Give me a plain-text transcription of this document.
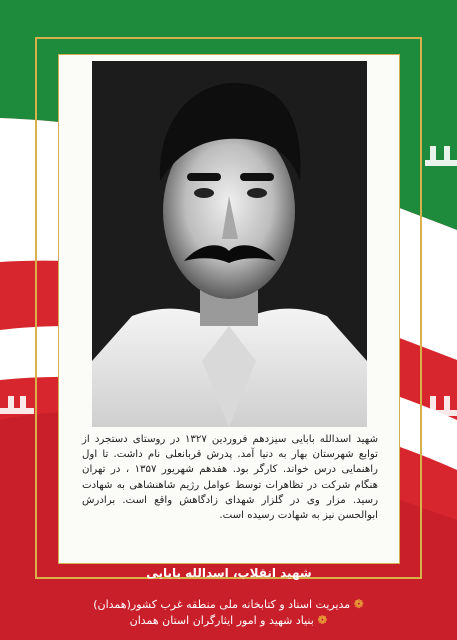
شهید اسدالله بابایی سیزدهم فروردین ۱۳۲۷ در روستای دستجرد از توابع شهرستان بهار به دنیا آمد. پدرش قربانعلی نام داشت. تا اول راهنمایی درس خواند. کارگر بود. هفدهم شهریور ۱۳۵۷ ، در تهران هنگام شرکت در تظاهرات توسط عوامل رژیم شاهنشاهی به شهادت رسید. مزار وی در گلزار شهدای زادگاهش واقع است. برادرش ابوالحسن نیز به شهادت رسیده است.
شهید انقلاب، اسدالله بابایی
❁ مدیریت اسناد و کتابخانه ملی منطقه غرب کشور(همدان)
❁ بنیاد شهید و امور ایثارگران استان همدان
